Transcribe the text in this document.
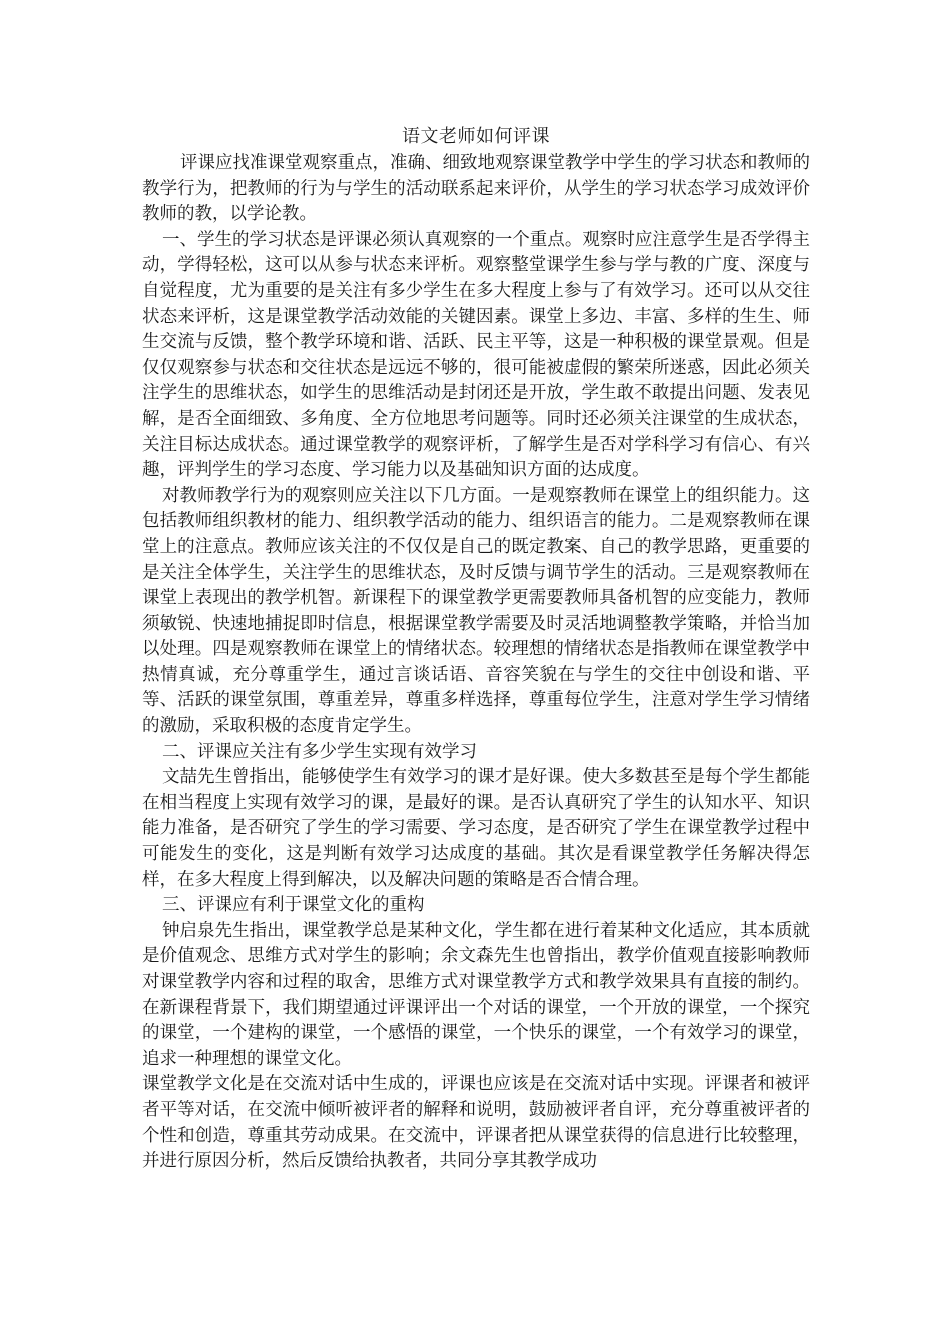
语文老师如何评课

评课应找准课堂观察重点，准确、细致地观察课堂教学中学生的学习状态和教师的教学行为，把教师的行为与学生的活动联系起来评价，从学生的学习状态学习成效评价教师的教，以学论教。

一、学生的学习状态是评课必须认真观察的一个重点。观察时应注意学生是否学得主动，学得轻松，这可以从参与状态来评析。观察整堂课学生参与学与教的广度、深度与自觉程度，尤为重要的是关注有多少学生在多大程度上参与了有效学习。还可以从交往状态来评析，这是课堂教学活动效能的关键因素。课堂上多边、丰富、多样的生生、师生交流与反馈，整个教学环境和谐、活跃、民主平等，这是一种积极的课堂景观。但是仅仅观察参与状态和交往状态是远远不够的，很可能被虚假的繁荣所迷惑，因此必须关注学生的思维状态，如学生的思维活动是封闭还是开放，学生敢不敢提出问题、发表见解，是否全面细致、多角度、全方位地思考问题等。同时还必须关注课堂的生成状态，关注目标达成状态。通过课堂教学的观察评析，了解学生是否对学科学习有信心、有兴趣，评判学生的学习态度、学习能力以及基础知识方面的达成度。

对教师教学行为的观察则应关注以下几方面。一是观察教师在课堂上的组织能力。这包括教师组织教材的能力、组织教学活动的能力、组织语言的能力。二是观察教师在课堂上的注意点。教师应该关注的不仅仅是自己的既定教案、自己的教学思路，更重要的是关注全体学生，关注学生的思维状态，及时反馈与调节学生的活动。三是观察教师在课堂上表现出的教学机智。新课程下的课堂教学更需要教师具备机智的应变能力，教师须敏锐、快速地捕捉即时信息，根据课堂教学需要及时灵活地调整教学策略，并恰当加以处理。四是观察教师在课堂上的情绪状态。较理想的情绪状态是指教师在课堂教学中热情真诚，充分尊重学生，通过言谈话语、音容笑貌在与学生的交往中创设和谐、平等、活跃的课堂氛围，尊重差异，尊重多样选择，尊重每位学生，注意对学生学习情绪的激励，采取积极的态度肯定学生。

二、评课应关注有多少学生实现有效学习

文喆先生曾指出，能够使学生有效学习的课才是好课。使大多数甚至是每个学生都能在相当程度上实现有效学习的课，是最好的课。是否认真研究了学生的认知水平、知识能力准备，是否研究了学生的学习需要、学习态度，是否研究了学生在课堂教学过程中可能发生的变化，这是判断有效学习达成度的基础。其次是看课堂教学任务解决得怎样，在多大程度上得到解决，以及解决问题的策略是否合情合理。

三、评课应有利于课堂文化的重构

钟启泉先生指出，课堂教学总是某种文化，学生都在进行着某种文化适应，其本质就是价值观念、思维方式对学生的影响；余文森先生也曾指出，教学价值观直接影响教师对课堂教学内容和过程的取舍，思维方式对课堂教学方式和教学效果具有直接的制约。在新课程背景下，我们期望通过评课评出一个对话的课堂，一个开放的课堂，一个探究的课堂，一个建构的课堂，一个感悟的课堂，一个快乐的课堂，一个有效学习的课堂，追求一种理想的课堂文化。

课堂教学文化是在交流对话中生成的，评课也应该是在交流对话中实现。评课者和被评者平等对话，在交流中倾听被评者的解释和说明，鼓励被评者自评，充分尊重被评者的个性和创造，尊重其劳动成果。在交流中，评课者把从课堂获得的信息进行比较整理，并进行原因分析，然后反馈给执教者，共同分享其教学成功
